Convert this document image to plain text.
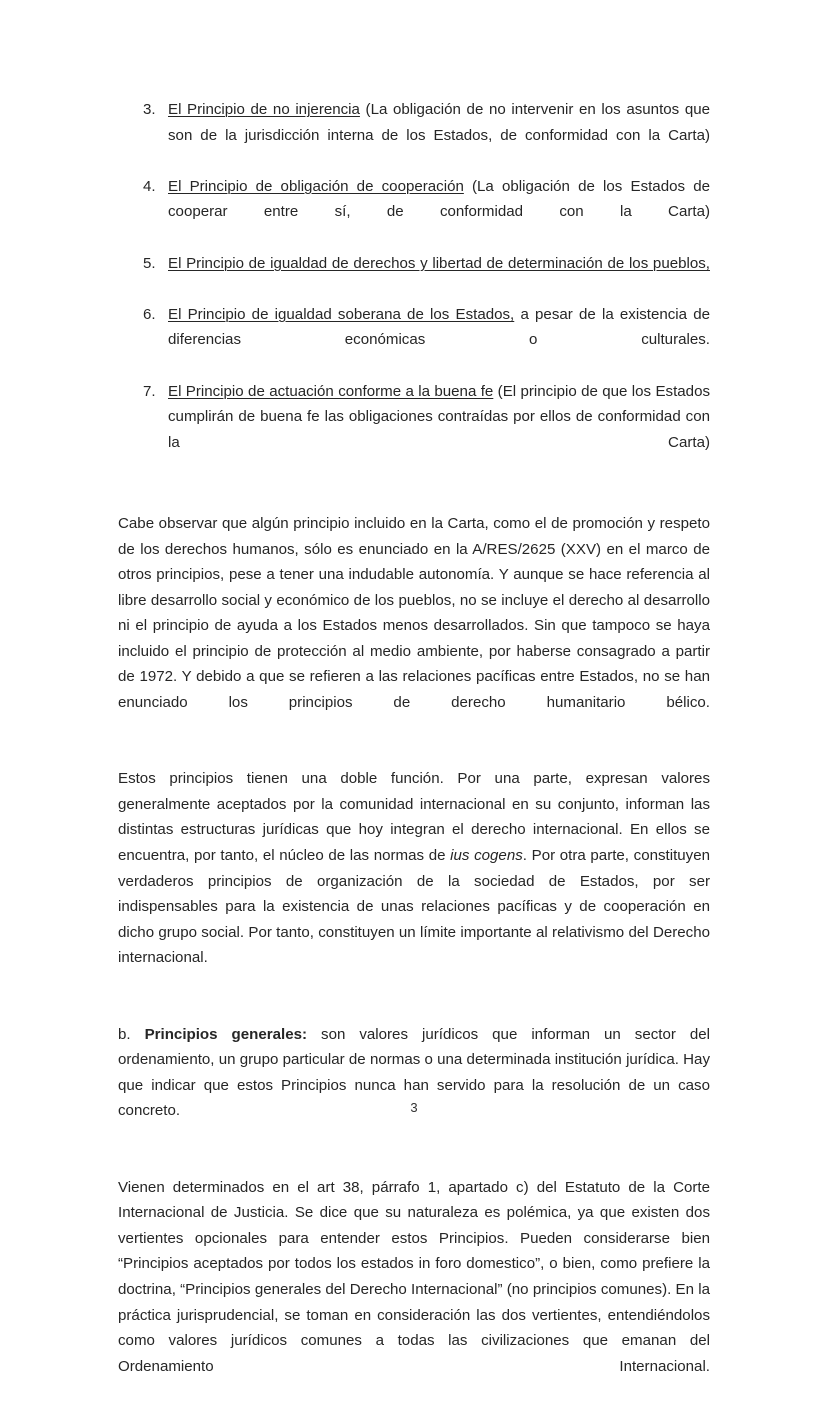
3. El Principio de no injerencia (La obligación de no intervenir en los asuntos que son de la jurisdicción interna de los Estados, de conformidad con la Carta)
4. El Principio de obligación de cooperación (La obligación de los Estados de cooperar entre sí, de conformidad con la Carta)
5. El Principio de igualdad de derechos y libertad de determinación de los pueblos,
6. El Principio de igualdad soberana de los Estados, a pesar de la existencia de diferencias económicas o culturales.
7. El Principio de actuación conforme a la buena fe (El principio de que los Estados cumplirán de buena fe las obligaciones contraídas por ellos de conformidad con la Carta)

Cabe observar que algún principio incluido en la Carta, como el de promoción y respeto de los derechos humanos, sólo es enunciado en la A/RES/2625 (XXV) en el marco de otros principios, pese a tener una indudable autonomía. Y aunque se hace referencia al libre desarrollo social y económico de los pueblos, no se incluye el derecho al desarrollo ni el principio de ayuda a los Estados menos desarrollados. Sin que tampoco se haya incluido el principio de protección al medio ambiente, por haberse consagrado a partir de 1972. Y debido a que se refieren a las relaciones pacíficas entre Estados, no se han enunciado los principios de derecho humanitario bélico.

Estos principios tienen una doble función. Por una parte, expresan valores generalmente aceptados por la comunidad internacional en su conjunto, informan las distintas estructuras jurídicas que hoy integran el derecho internacional. En ellos se encuentra, por tanto, el núcleo de las normas de ius cogens. Por otra parte, constituyen verdaderos principios de organización de la sociedad de Estados, por ser indispensables para la existencia de unas relaciones pacíficas y de cooperación en dicho grupo social. Por tanto, constituyen un límite importante al relativismo del Derecho internacional.

b. Principios generales: son valores jurídicos que informan un sector del ordenamiento, un grupo particular de normas o una determinada institución jurídica. Hay que indicar que estos Principios nunca han servido para la resolución de un caso concreto.

Vienen determinados en el art 38, párrafo 1, apartado c) del Estatuto de la Corte Internacional de Justicia. Se dice que su naturaleza es polémica, ya que existen dos vertientes opcionales para entender estos Principios. Pueden considerarse bien “Principios aceptados por todos los estados in foro domestico”, o bien, como prefiere la doctrina, “Principios generales del Derecho Internacional” (no principios comunes). En la práctica jurisprudencial, se toman en consideración las dos vertientes, entendiéndolos como valores jurídicos comunes a todas las civilizaciones que emanan del Ordenamiento Internacional.

3
